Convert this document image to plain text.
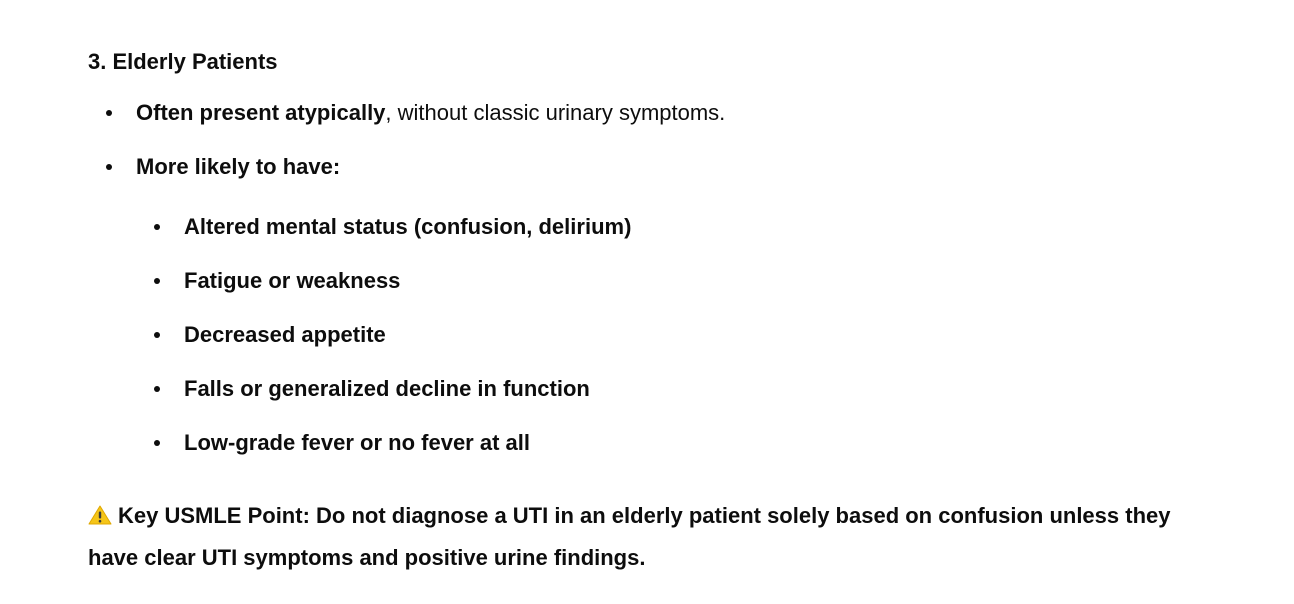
3. Elderly Patients
Often present atypically, without classic urinary symptoms.
More likely to have:
Altered mental status (confusion, delirium)
Fatigue or weakness
Decreased appetite
Falls or generalized decline in function
Low-grade fever or no fever at all

Key USMLE Point: Do not diagnose a UTI in an elderly patient solely based on confusion unless they have clear UTI symptoms and positive urine findings.
